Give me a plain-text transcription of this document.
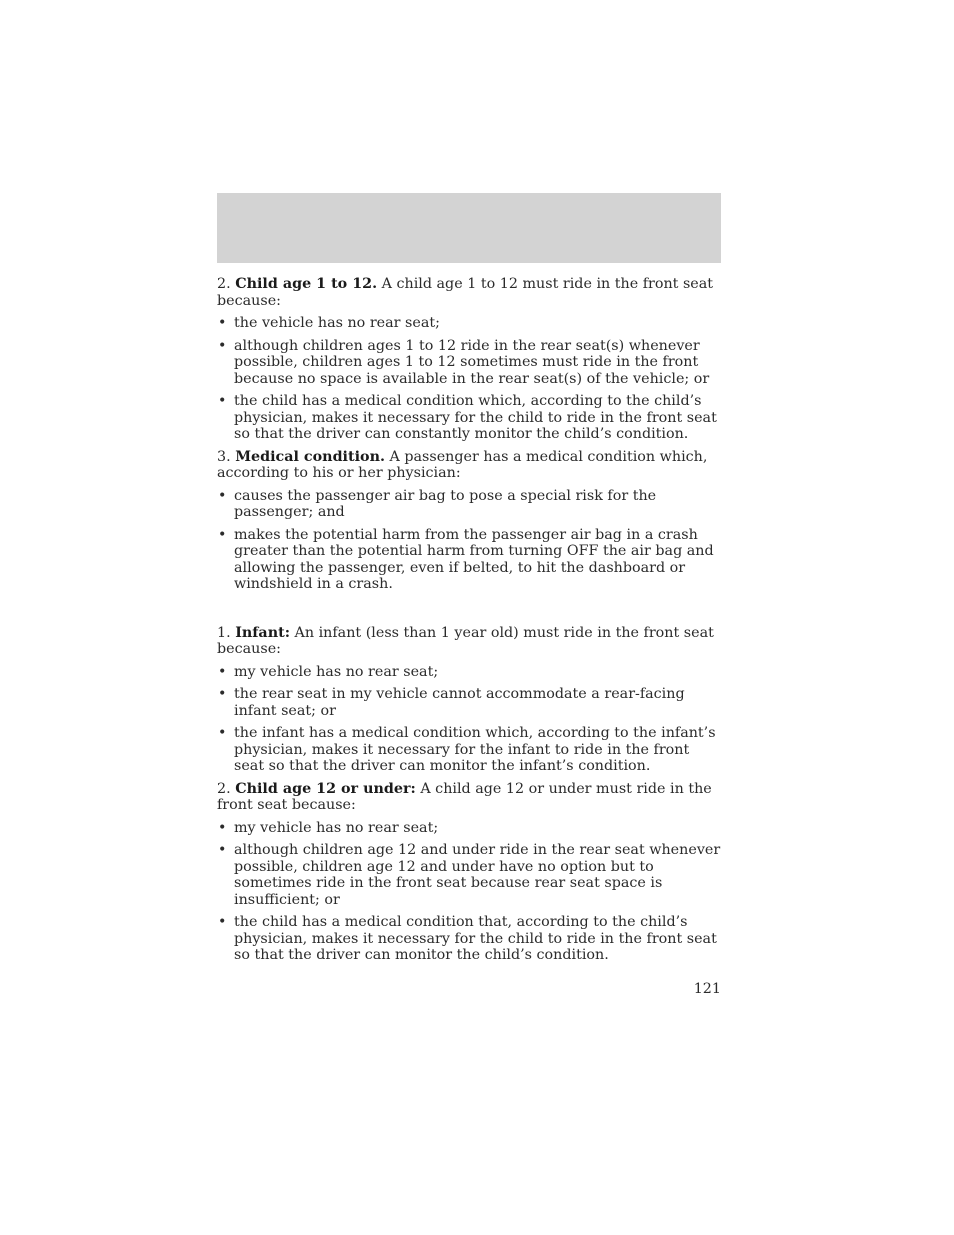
2. Child age 1 to 12. A child age 1 to 12 must ride in the front seat because:

• the vehicle has no rear seat;
• although children ages 1 to 12 ride in the rear seat(s) whenever possible, children ages 1 to 12 sometimes must ride in the front because no space is available in the rear seat(s) of the vehicle; or
• the child has a medical condition which, according to the child’s physician, makes it necessary for the child to ride in the front seat so that the driver can constantly monitor the child’s condition.

3. Medical condition. A passenger has a medical condition which, according to his or her physician:

• causes the passenger air bag to pose a special risk for the passenger; and
• makes the potential harm from the passenger air bag in a crash greater than the potential harm from turning OFF the air bag and allowing the passenger, even if belted, to hit the dashboard or windshield in a crash.

1. Infant: An infant (less than 1 year old) must ride in the front seat because:

• my vehicle has no rear seat;
• the rear seat in my vehicle cannot accommodate a rear-facing infant seat; or
• the infant has a medical condition which, according to the infant’s physician, makes it necessary for the infant to ride in the front seat so that the driver can monitor the infant’s condition.

2. Child age 12 or under: A child age 12 or under must ride in the front seat because:

• my vehicle has no rear seat;
• although children age 12 and under ride in the rear seat whenever possible, children age 12 and under have no option but to sometimes ride in the front seat because rear seat space is insufficient; or
• the child has a medical condition that, according to the child’s physician, makes it necessary for the child to ride in the front seat so that the driver can monitor the child’s condition.
121
